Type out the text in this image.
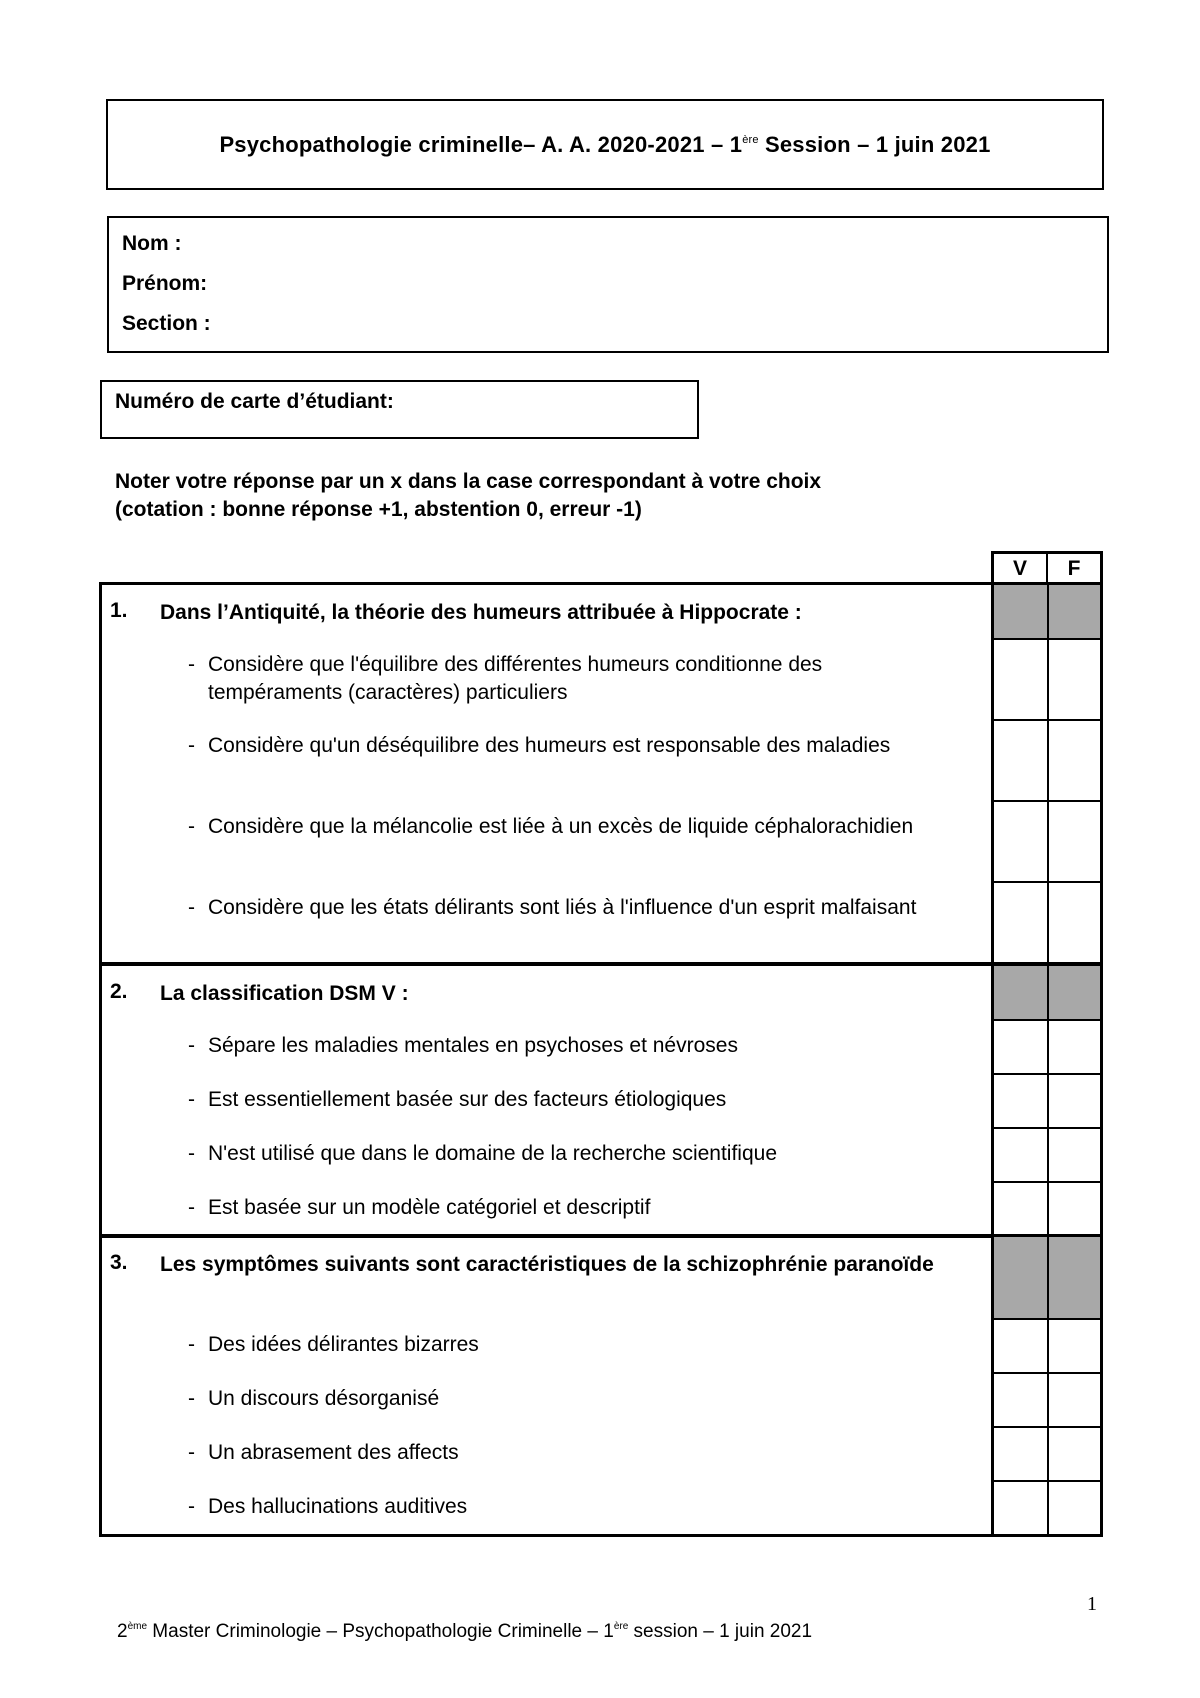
Psychopathologie criminelle– A. A. 2020-2021 – 1ère Session – 1 juin 2021
Nom :
Prénom:
Section :
Numéro de carte d’étudiant:
Noter votre réponse par un x dans la case correspondant à votre choix
(cotation : bonne réponse +1, abstention 0, erreur -1)
V	F
1.	Dans l’Antiquité, la théorie des humeurs attribuée à Hippocrate :
- Considère que l'équilibre des différentes humeurs conditionne des tempéraments (caractères) particuliers
- Considère qu'un déséquilibre des humeurs est responsable des maladies
- Considère que la mélancolie est liée à un excès de liquide céphalorachidien
- Considère que les états délirants sont liés à l'influence d'un esprit malfaisant
2.	La classification DSM V :
- Sépare les maladies mentales en psychoses et névroses
- Est essentiellement basée sur des facteurs étiologiques
- N'est utilisé que dans le domaine de la recherche scientifique
- Est basée sur un modèle catégoriel et descriptif
3.	Les symptômes suivants sont caractéristiques de la schizophrénie paranoïde
- Des idées délirantes bizarres
- Un discours désorganisé
- Un abrasement des affects
- Des hallucinations auditives
1
2ème Master Criminologie – Psychopathologie Criminelle – 1ère session – 1 juin 2021
